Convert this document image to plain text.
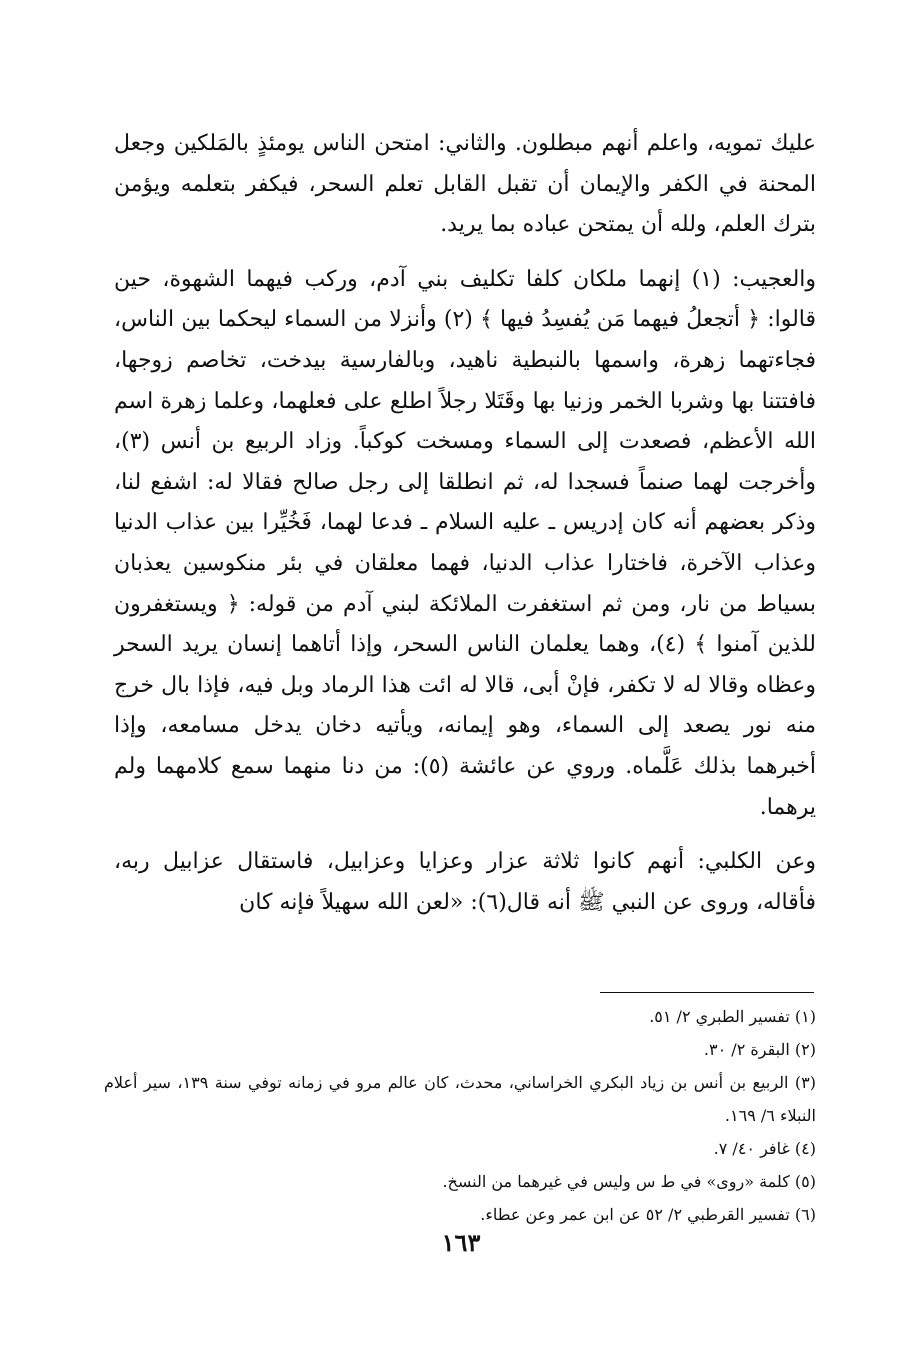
عليك تمويه، واعلم أنهم مبطلون. والثاني: امتحن الناس يومئذٍ بالمَلكين وجعل المحنة في الكفر والإيمان أن تقبل القابل تعلم السحر، فيكفر بتعلمه ويؤمن بترك العلم، ولله أن يمتحن عباده بما يريد.

والعجيب: (١) إنهما ملكان كلفا تكليف بني آدم، وركب فيهما الشهوة، حين قالوا: ﴿ أتجعلُ فيهما مَن يُفسِدُ فيها ﴾ (٢) وأنزلا من السماء ليحكما بين الناس، فجاءتهما زهرة، واسمها بالنبطية ناهيد، وبالفارسية بيدخت، تخاصم زوجها، فافتتنا بها وشربا الخمر وزنيا بها وقَتَلا رجلاً اطلع على فعلهما، وعلما زهرة اسم الله الأعظم، فصعدت إلى السماء ومسخت كوكباً. وزاد الربيع بن أنس (٣)، وأخرجت لهما صنماً فسجدا له، ثم انطلقا إلى رجل صالح فقالا له: اشفع لنا، وذكر بعضهم أنه كان إدريس ـ عليه السلام ـ فدعا لهما، فَخُيِّرا بين عذاب الدنيا وعذاب الآخرة، فاختارا عذاب الدنيا، فهما معلقان في بئر منكوسين يعذبان بسياط من نار، ومن ثم استغفرت الملائكة لبني آدم من قوله: ﴿ ويستغفرون للذين آمنوا ﴾ (٤)، وهما يعلمان الناس السحر، وإذا أتاهما إنسان يريد السحر وعظاه وقالا له لا تكفر، فإنْ أبى، قالا له ائت هذا الرماد وبل فيه، فإذا بال خرج منه نور يصعد إلى السماء، وهو إيمانه، ويأتيه دخان يدخل مسامعه، وإذا أخبرهما بذلك عَلَّماه. وروي عن عائشة (٥): من دنا منهما سمع كلامهما ولم يرهما.

وعن الكلبي: أنهم كانوا ثلاثة عزار وعزايا وعزابيل، فاستقال عزابيل ربه، فأقاله، وروى عن النبي ﷺ أنه قال(٦): «لعن الله سهيلاً فإنه كان

(١) تفسير الطبري ٢/ ٥١.

(٢) البقرة ٢/ ٣٠.

(٣) الربيع بن أنس بن زياد البكري الخراساني، محدث، كان عالم مرو في زمانه توفي سنة ١٣٩، سير أعلام النبلاء ٦/ ١٦٩.

(٤) غافر ٤٠/ ٧.

(٥) كلمة «روى» في ط س وليس في غيرهما من النسخ.

(٦) تفسير القرطبي ٢/ ٥٢ عن ابن عمر وعن عطاء.

١٦٣
